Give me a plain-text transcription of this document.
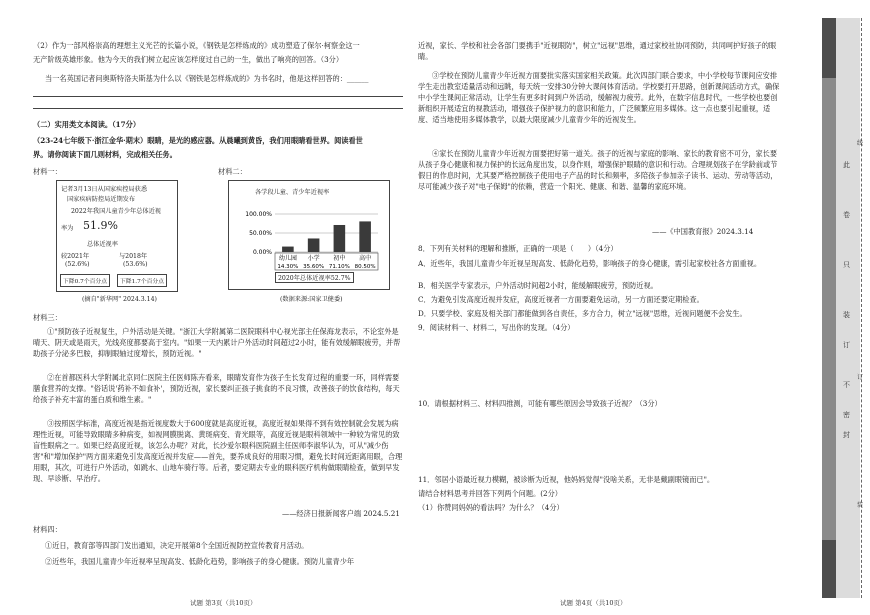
（2）作为一部风格崇高的理想主义光芒的长篇小说，《钢铁是怎样炼成的》成功塑造了保尔·柯察金这一
无产阶级英雄形象。他为今天的我们树立起应该怎样度过自己的一生，做出了响亮的回答。（3分）
当一名英国记者问奥斯特洛夫斯基为什么以《钢铁是怎样炼成的》为书名时，他是这样回答的：______
（二）实用类文本阅读。（17分）
（23-24七年级下·浙江金华·期末）眼睛，是光的感应器。从晨曦到黄昏，我们用眼睛看世界。阅读看世
界。请你阅读下面几则材料，完成相关任务。
材料一：	材料二：
记者3月13日从国家疾控局获悉
国家疾病防控局近期发布
2022年我国儿童青少年总体近视
率为 51.9%
总体近视率
较2021年	与2018年
(52.6%)	(53.6%)
下降0.7个百分点	下降1.7个百分点
(摘自"新华网" 2024.3.14)
各学段儿童、青少年近视率
100.00%
50.00%
0.00%
幼儿园
14.30%
小学
35.60%
初中
71.10%
高中
80.50%
2020年总体近视率52.7%
(数据来源:国家卫健委)
材料三：
①"预防孩子近视复生，户外活动是关键。"浙江大学附属第二医院眼科中心视光部主任保海龙表示，不论室外是晴天、阴天或是雨天，光线亮度都要高于室内。"如果一天内累计户外活动时间超过2小时，能有效缓解眼疲劳，并帮助孩子分泌多巴胺，抑制眼轴过度增长，预防近视。"
②在首都医科大学附属北京同仁医院主任医师陈卉看来，眼睛发育作为孩子生长发育过程的重要一环，同样需要膳食营养的支撑。"俗话说'药补不如食补'，预防近视，家长要纠正孩子挑食的不良习惯，改善孩子的饮食结构，每天给孩子补充丰富的蛋白质和维生素。"
③按照医学标准，高度近视是指近视度数大于600度就是高度近视，高度近视如果得不到有效控制就会发展为病理性近视，可能导致眼睛多种病变，如视网膜脱离、黄斑病变、青光眼等，高度近视是眼科领域中一种较为常见的致盲性眼病之一。如果已经高度近视，该怎么办呢？对此，长沙爱尔眼科医院副主任医师李淑华认为，可从"减少伤害"和"增加保护"两方面来避免引发高度近视并发症——首先，要养成良好的用眼习惯，避免长时间近距离用眼，合理用眼，其次，可进行户外活动，如跳水、山地车骑行等。后者，要定期去专业的眼科医疗机构做眼睛检查，做到早发现、早诊断、早治疗。
——经济日报新闻客户端 2024.5.21
材料四：
①近日，教育部等四部门发出通知，决定开展第8个全国近视防控宣传教育月活动。
②近些年，我国儿童青少年近视率呈现高发、低龄化趋势，影响孩子的身心健康。预防儿童青少年
试题 第3页（共10页）
近视，家长、学校和社会各部门要携手"近视眼防"，树立"远视"思维，通过家校社协同预防，共同呵护好孩子的眼睛。
③学校在预防儿童青少年近视方面要批实落实国家相关政策。此次四部门联合要求，中小学校每节课间应安排学生走出教室适量活动和远眺，每天统一安排30分钟大课间体育活动。学校要打开思路，创新课间活动方式，确保中小学生课间正常活动，让学生有更多时间到户外活动，缓解视力疲劳。此外，在数字信息时代，一些学校也要创新组织开展适宜的视教活动，增强孩子保护视力的意识和能力，广泛频繁应用多媒体。这一点也要引起重视，适度、适当地使用多媒体教学，以最大限度减少儿童青少年的近视发生。
④家长在预防儿童青少年近视方面要把好第一道关。孩子的近视与家庭的影响、家长的教育密不可分，家长要从孩子身心健康和视力保护的长远角度出发，以身作则，增强保护眼睛的意识和行动。合理规划孩子在学龄前或节假日的作息时间，尤其要严格控制孩子使用电子产品的时长和频率，多陪孩子参加亲子读书、运动、劳动等活动，尽可能减少孩子对"电子保姆"的依赖，营造一个阳光、健康、和谐、温馨的家庭环境。
——《中国教育报》2024.3.14
8．下列有关材料的理解和推断，正确的一项是（　　）（4分）
A．近些年，我国儿童青少年近视呈现高发、低龄化趋势，影响孩子的身心健康，需引起家校社各方面重视。
B．相关医学专家表示，户外活动时间超2小时，能缓解眼疲劳，预防近视。
C．为避免引发高度近视并发症，高度近视者一方面要避免运动，另一方面还要定期检查。
D．只要学校、家庭及相关部门都能做到各自责任，多方合力，树立"远视"思维，近视问题便不会发生。
9．阅读材料一、材料二，写出你的发现。（4分）
10．请根据材料三、材料四推测，可能有哪些原因会导致孩子近视？（3分）
11．邻居小语最近视力模糊，被诊断为近视，他妈妈觉得"没啥关系，无非是戴副眼镜而已"。
请结合材料思考并回答下列两个问题。(2分）
（1）你赞同妈妈的看法吗？为什么？（4分）
试题 第4页（共10页）
此
卷
只
装
订
不
密
封
线
订
装
